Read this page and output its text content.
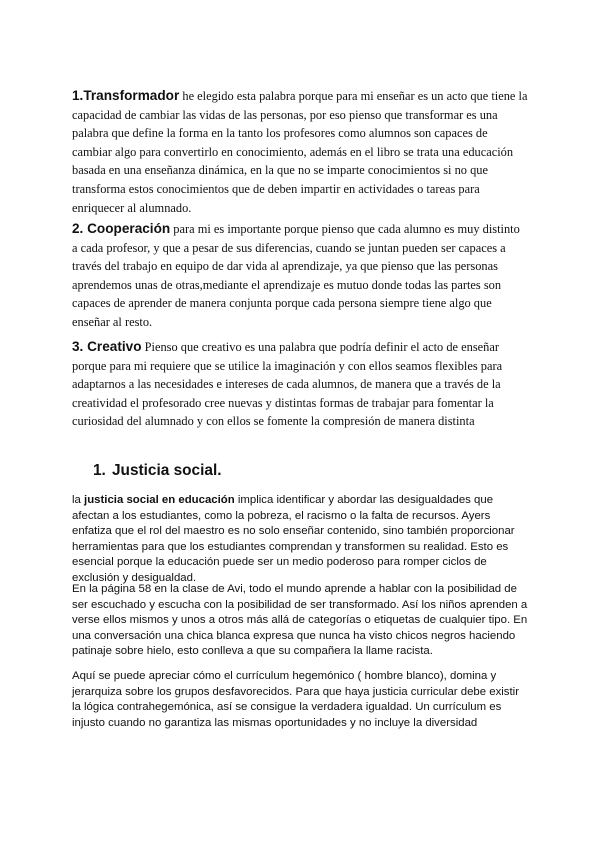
1.Transformador he elegido esta palabra porque para mi enseñar es un acto que tiene la capacidad de cambiar las vidas de las personas, por eso pienso que transformar es una palabra que define la forma en la tanto los profesores como alumnos son capaces de cambiar algo para convertirlo en conocimiento, además en el libro se trata una educación basada en una enseñanza dinámica, en la que no se imparte conocimientos si no que transforma estos conocimientos que de deben impartir en actividades o tareas para enriquecer al alumnado.

2. Cooperación para mi es importante porque pienso que cada alumno es muy distinto a cada profesor, y que a pesar de sus diferencias, cuando se juntan pueden ser capaces a través del trabajo en equipo de dar vida al aprendizaje, ya que pienso que las personas aprendemos unas de otras,mediante el aprendizaje es mutuo donde todas las partes son capaces de aprender de manera conjunta porque cada persona siempre tiene algo que enseñar al resto.

3. Creativo Pienso que creativo es una palabra que podría definir el acto de enseñar porque para mi requiere que se utilice la imaginación y con ellos seamos flexibles para adaptarnos a las necesidades e intereses de cada alumnos, de manera que a través de la creatividad el profesorado cree nuevas y distintas formas de trabajar para fomentar la curiosidad del alumnado y con ellos se fomente la compresión de manera distinta

1. Justicia social.

la justicia social en educación implica identificar y abordar las desigualdades que afectan a los estudiantes, como la pobreza, el racismo o la falta de recursos. Ayers enfatiza que el rol del maestro es no solo enseñar contenido, sino también proporcionar herramientas para que los estudiantes comprendan y transformen su realidad. Esto es esencial porque la educación puede ser un medio poderoso para romper ciclos de exclusión y desigualdad.

En la página 58 en la clase de Avi, todo el mundo aprende a hablar con la posibilidad de ser escuchado y escucha con la posibilidad de ser transformado. Así los niños aprenden a verse ellos mismos y unos a otros más allá de categorías o etiquetas de cualquier tipo. En una conversación una chica blanca expresa que nunca ha visto chicos negros haciendo patinaje sobre hielo, esto conlleva a que su compañera la llame racista.

Aquí se puede apreciar cómo el currículum hegemónico ( hombre blanco), domina y jerarquiza sobre los grupos desfavorecidos. Para que haya justicia curricular debe existir la lógica contrahegemónica, así se consigue la verdadera igualdad. Un currículum es injusto cuando no garantiza las mismas oportunidades y no incluye la diversidad
